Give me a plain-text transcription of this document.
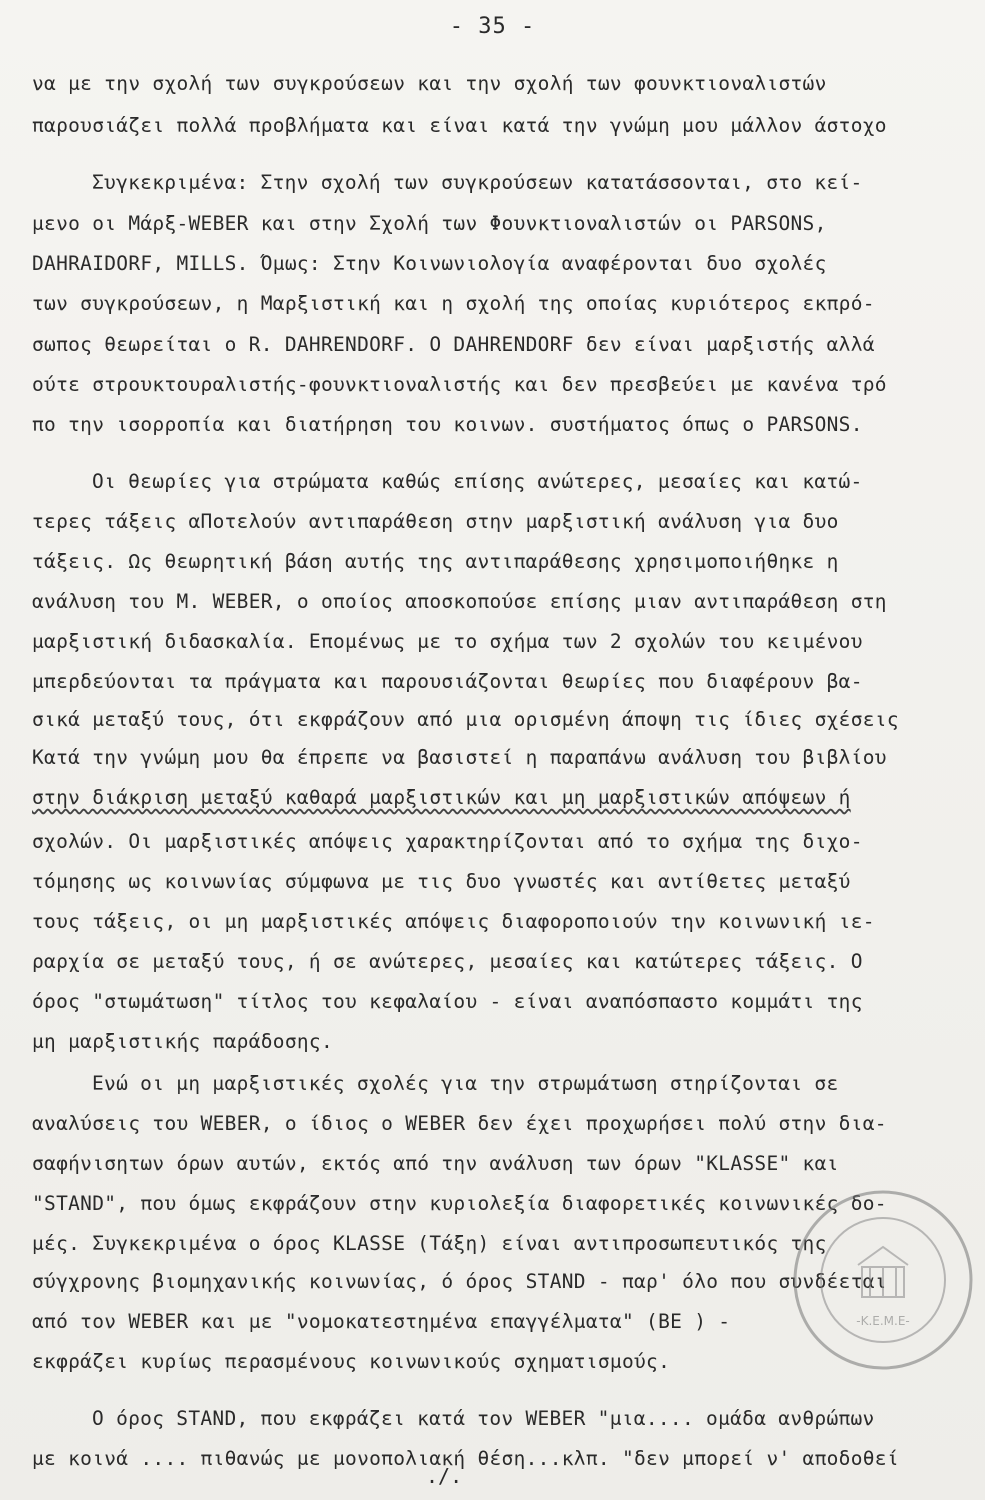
- 35 -
να με την σχολή των συγκρούσεων και την σχολή των φουνκτιοναλιστών
παρουσιάζει πολλά προβλήματα και είναι κατά την γνώμη μου μάλλον άστοχο
Συγκεκριμένα: Στην σχολή των συγκρούσεων κατατάσσονται, στο κεί-
μενο οι Μάρξ-WEBER και στην Σχολή των Φουνκτιοναλιστών οι PARSONS,
DAHRAIDORF, MILLS. Όμως: Στην Κοινωνιολογία αναφέρονται δυο σχολές
των συγκρούσεων, η Μαρξιστική και η σχολή της οποίας κυριότερος εκπρό-
σωπος θεωρείται ο R. DAHRENDORF. Ο DAHRENDORF δεν είναι μαρξιστής αλλά
ούτε στρουκτουραλιστής-φουνκτιοναλιστής και δεν πρεσβεύει με κανένα τρό
πο την ισορροπία και διατήρηση του κοινων. συστήματος όπως ο PARSONS.
Οι θεωρίες για στρώματα καθώς επίσης ανώτερες, μεσαίες και κατώ-
τερες τάξεις αΠοτελούν αντιπαράθεση στην μαρξιστική ανάλυση για δυο
τάξεις. Ως θεωρητική βάση αυτής της αντιπαράθεσης χρησιμοποιήθηκε η
ανάλυση του M. WEBER, ο οποίος αποσκοπούσε επίσης μιαν αντιπαράθεση στη
μαρξιστική διδασκαλία. Επομένως με το σχήμα των 2 σχολών του κειμένου
μπερδεύονται τα πράγματα και παρουσιάζονται θεωρίες που διαφέρουν βα-
σικά μεταξύ τους, ότι εκφράζουν από μια ορισμένη άποψη τις ίδιες σχέσεις
Κατά την γνώμη μου θα έπρεπε να βασιστεί η παραπάνω ανάλυση του βιβλίου
στην διάκριση μεταξύ καθαρά μαρξιστικών και μη μαρξιστικών απόψεων ή
σχολών. Οι μαρξιστικές απόψεις χαρακτηρίζονται από το σχήμα της διχο-
τόμησης ως κοινωνίας σύμφωνα με τις δυο γνωστές και αντίθετες μεταξύ
τους τάξεις, οι μη μαρξιστικές απόψεις διαφοροποιούν την κοινωνική ιε-
ραρχία σε μεταξύ τους, ή σε ανώτερες, μεσαίες και κατώτερες τάξεις. Ο
όρος "στωμάτωση" τίτλος του κεφαλαίου - είναι αναπόσπαστο κομμάτι της
μη μαρξιστικής παράδοσης.
Ενώ οι μη μαρξιστικές σχολές για την στρωμάτωση στηρίζονται σε
αναλύσεις του WEBER, ο ίδιος ο WEBER δεν έχει προχωρήσει πολύ στην δια-
σαφήνισητων όρων αυτών, εκτός από την ανάλυση των όρων "KLASSE" και
"STAND", που όμως εκφράζουν στην κυριολεξία διαφορετικές κοινωνικές δο-
μές. Συγκεκριμένα ο όρος KLASSE (Τάξη) είναι αντιπροσωπευτικός της
σύγχρονης βιομηχανικής κοινωνίας, ό όρος STAND - παρ' όλο που συνδέεται
από τον WEBER και με "νομοκατεστημένα επαγγέλματα" (BE ) -
εκφράζει κυρίως περασμένους κοινωνικούς σχηματισμούς.
Ο όρος STAND, που εκφράζει κατά τον WEBER "μια.... ομάδα ανθρώπων
με κοινά .... πιθανώς με μονοπολιακή θέση...κλπ. "δεν μπορεί ν' αποδοθεί
./.
-Κ.Ε.Μ.Ε-
